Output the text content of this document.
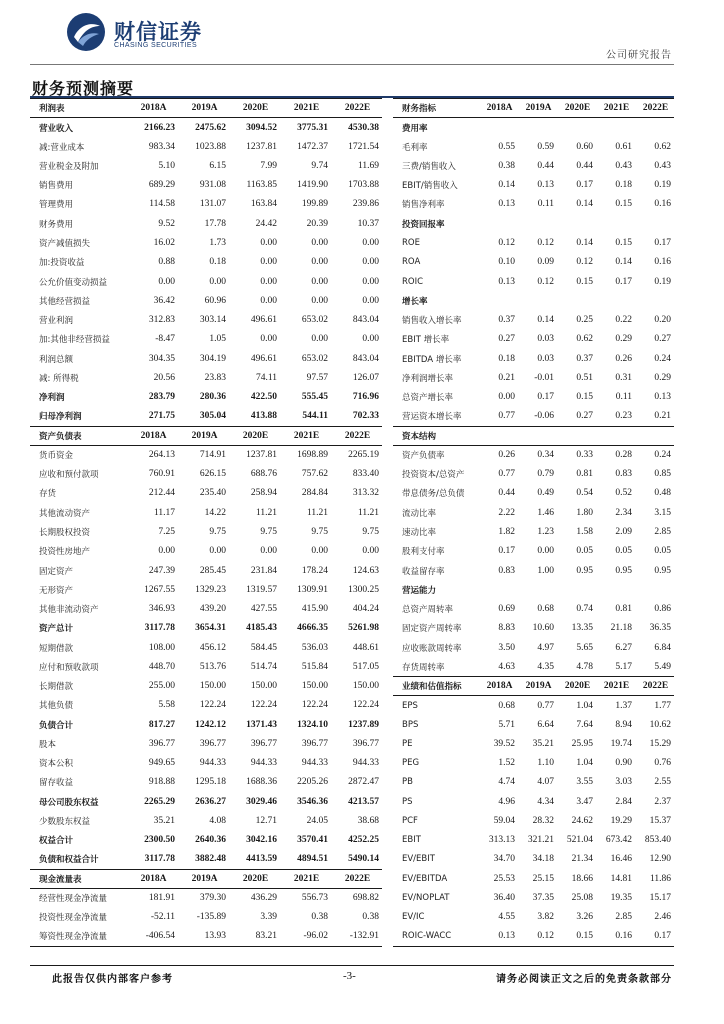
财信证券
CHASING SECURITIES
公司研究报告
财务预测摘要
利润表	2018A	2019A	2020E	2021E	2022E
营业收入	2166.23	2475.62	3094.52	3775.31	4530.38
减:营业成本	983.34	1023.88	1237.81	1472.37	1721.54
营业税金及附加	5.10	6.15	7.99	9.74	11.69
销售费用	689.29	931.08	1163.85	1419.90	1703.88
管理费用	114.58	131.07	163.84	199.89	239.86
财务费用	9.52	17.78	24.42	20.39	10.37
资产减值损失	16.02	1.73	0.00	0.00	0.00
加:投资收益	0.88	0.18	0.00	0.00	0.00
公允价值变动损益	0.00	0.00	0.00	0.00	0.00
其他经营损益	36.42	60.96	0.00	0.00	0.00
营业利润	312.83	303.14	496.61	653.02	843.04
加:其他非经营损益	-8.47	1.05	0.00	0.00	0.00
利润总额	304.35	304.19	496.61	653.02	843.04
减: 所得税	20.56	23.83	74.11	97.57	126.07
净利润	283.79	280.36	422.50	555.45	716.96
归母净利润	271.75	305.04	413.88	544.11	702.33
资产负债表	2018A	2019A	2020E	2021E	2022E
货币资金	264.13	714.91	1237.81	1698.89	2265.19
应收和预付款项	760.91	626.15	688.76	757.62	833.40
存货	212.44	235.40	258.94	284.84	313.32
其他流动资产	11.17	14.22	11.21	11.21	11.21
长期股权投资	7.25	9.75	9.75	9.75	9.75
投资性房地产	0.00	0.00	0.00	0.00	0.00
固定资产	247.39	285.45	231.84	178.24	124.63
无形资产	1267.55	1329.23	1319.57	1309.91	1300.25
其他非流动资产	346.93	439.20	427.55	415.90	404.24
资产总计	3117.78	3654.31	4185.43	4666.35	5261.98
短期借款	108.00	456.12	584.45	536.03	448.61
应付和预收款项	448.70	513.76	514.74	515.84	517.05
长期借款	255.00	150.00	150.00	150.00	150.00
其他负债	5.58	122.24	122.24	122.24	122.24
负债合计	817.27	1242.12	1371.43	1324.10	1237.89
股本	396.77	396.77	396.77	396.77	396.77
资本公积	949.65	944.33	944.33	944.33	944.33
留存收益	918.88	1295.18	1688.36	2205.26	2872.47
母公司股东权益	2265.29	2636.27	3029.46	3546.36	4213.57
少数股东权益	35.21	4.08	12.71	24.05	38.68
权益合计	2300.50	2640.36	3042.16	3570.41	4252.25
负债和权益合计	3117.78	3882.48	4413.59	4894.51	5490.14
现金流量表	2018A	2019A	2020E	2021E	2022E
经营性现金净流量	181.91	379.30	436.29	556.73	698.82
投资性现金净流量	-52.11	-135.89	3.39	0.38	0.38
筹资性现金净流量	-406.54	13.93	83.21	-96.02	-132.91
财务指标	2018A	2019A	2020E	2021E	2022E
费用率					
毛利率	0.55	0.59	0.60	0.61	0.62
三费/销售收入	0.38	0.44	0.44	0.43	0.43
EBIT/销售收入	0.14	0.13	0.17	0.18	0.19
销售净利率	0.13	0.11	0.14	0.15	0.16
投资回报率					
ROE	0.12	0.12	0.14	0.15	0.17
ROA	0.10	0.09	0.12	0.14	0.16
ROIC	0.13	0.12	0.15	0.17	0.19
增长率					
销售收入增长率	0.37	0.14	0.25	0.22	0.20
EBIT 增长率	0.27	0.03	0.62	0.29	0.27
EBITDA 增长率	0.18	0.03	0.37	0.26	0.24
净利润增长率	0.21	-0.01	0.51	0.31	0.29
总资产增长率	0.00	0.17	0.15	0.11	0.13
营运资本增长率	0.77	-0.06	0.27	0.23	0.21
资本结构					
资产负债率	0.26	0.34	0.33	0.28	0.24
投资资本/总资产	0.77	0.79	0.81	0.83	0.85
带息债务/总负债	0.44	0.49	0.54	0.52	0.48
流动比率	2.22	1.46	1.80	2.34	3.15
速动比率	1.82	1.23	1.58	2.09	2.85
股利支付率	0.17	0.00	0.05	0.05	0.05
收益留存率	0.83	1.00	0.95	0.95	0.95
营运能力					
总资产周转率	0.69	0.68	0.74	0.81	0.86
固定资产周转率	8.83	10.60	13.35	21.18	36.35
应收账款周转率	3.50	4.97	5.65	6.27	6.84
存货周转率	4.63	4.35	4.78	5.17	5.49
业绩和估值指标	2018A	2019A	2020E	2021E	2022E
EPS	0.68	0.77	1.04	1.37	1.77
BPS	5.71	6.64	7.64	8.94	10.62
PE	39.52	35.21	25.95	19.74	15.29
PEG	1.52	1.10	1.04	0.90	0.76
PB	4.74	4.07	3.55	3.03	2.55
PS	4.96	4.34	3.47	2.84	2.37
PCF	59.04	28.32	24.62	19.29	15.37
EBIT	313.13	321.21	521.04	673.42	853.40
EV/EBIT	34.70	34.18	21.34	16.46	12.90
EV/EBITDA	25.53	25.15	18.66	14.81	11.86
EV/NOPLAT	36.40	37.35	25.08	19.35	15.17
EV/IC	4.55	3.82	3.26	2.85	2.46
ROIC-WACC	0.13	0.12	0.15	0.16	0.17
此报告仅供内部客户参考	-3-	请务必阅读正文之后的免责条款部分
